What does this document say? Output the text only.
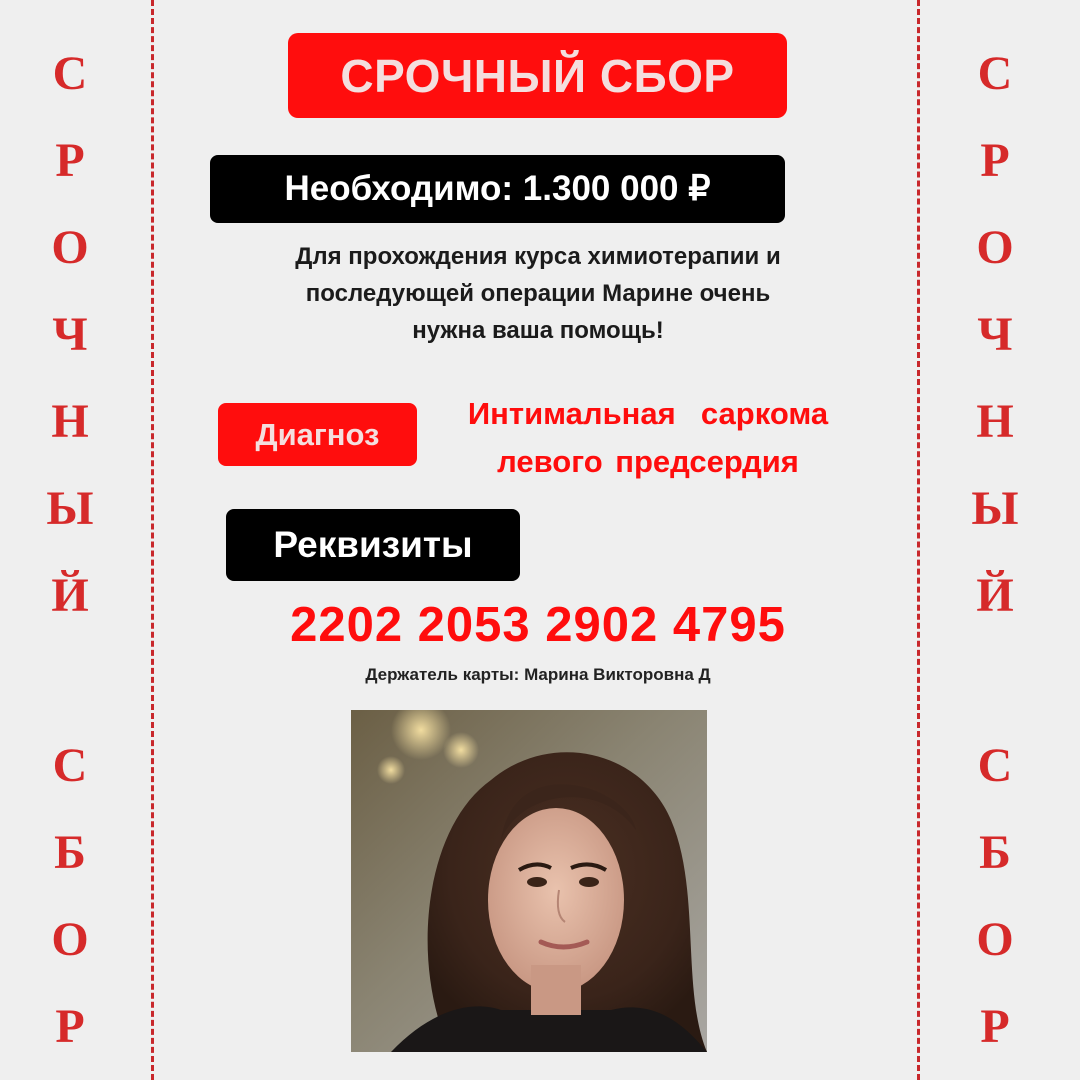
С
Р
О
Ч
Н
Ы
Й
С
Б
О
Р
С
Р
О
Ч
Н
Ы
Й
С
Б
О
Р
СРОЧНЫЙ СБОР
Необходимо: 1.300 000 ₽
Для прохождения курса химиотерапии и
последующей операции Марине очень
нужна ваша помощь!
Диагноз
Интимальная  саркома
левого предсердия
Реквизиты
2202 2053 2902 4795
Держатель карты: Марина Викторовна Д
